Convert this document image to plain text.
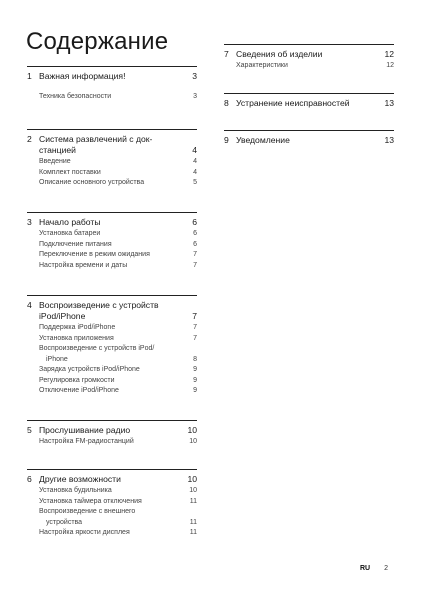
Содержание
1 Важная информация!	3
Техника безопасности	3
2 Система развлечений с док-станцией	4
Введение	4
Комплект поставки	4
Описание основного устройства	5
3 Начало работы	6
Установка батареи	6
Подключение питания	6
Переключение в режим ожидания	7
Настройка времени и даты	7
4 Воспроизведение с устройств iPod/iPhone	7
Поддержка iPod/iPhone	7
Установка приложения	7
Воспроизведение с устройств iPod/
iPhone	8
Зарядка устройств iPod/iPhone	9
Регулировка громкости	9
Отключение iPod/iPhone	9
5 Прослушивание радио	10
Настройка FM-радиостанций	10
6 Другие возможности	10
Установка будильника	10
Установка таймера отключения	11
Воспроизведение с внешнего
устройства	11
Настройка яркости дисплея	11
7 Сведения об изделии	12
Характеристики	12
8 Устранение неисправностей	13
9 Уведомление	13
RU 2
